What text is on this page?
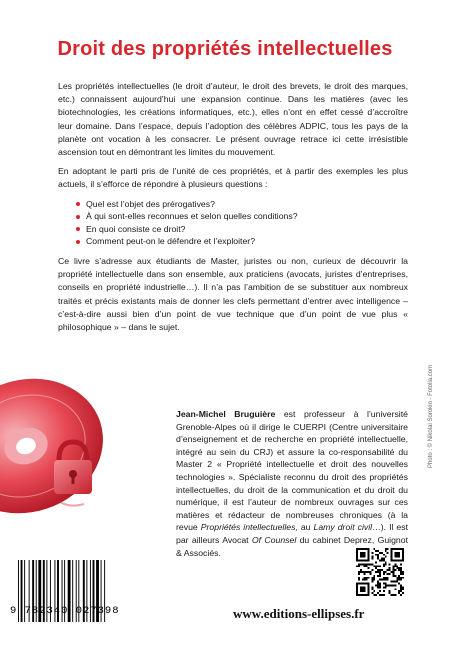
Droit des propriétés intellectuelles

Les propriétés intellectuelles (le droit d’auteur, le droit des brevets, le droit des marques, etc.) connaissent aujourd’hui une expansion continue. Dans les matières (avec les biotechnologies, les créations informatiques, etc.), elles n’ont en effet cessé d’accroître leur domaine. Dans l’espace, depuis l’adoption des célèbres ADPIC, tous les pays de la planète ont vocation à les consacrer. Le présent ouvrage retrace ici cette irrésistible ascension tout en démontrant les limites du mouvement.

En adoptant le parti pris de l’unité de ces propriétés, et à partir des exemples les plus actuels, il s’efforce de répondre à plusieurs questions :

Quel est l’objet des prérogatives?
À qui sont-elles reconnues et selon quelles conditions?
En quoi consiste ce droit?
Comment peut-on le défendre et l’exploiter?

Ce livre s’adresse aux étudiants de Master, juristes ou non, curieux de découvrir la propriété intellectuelle dans son ensemble, aux praticiens (avocats, juristes d’entreprises, conseils en propriété industrielle…). Il n’a pas l’ambition de se substituer aux nombreux traités et précis existants mais de donner les clefs permettant d’entrer avec intelligence – c’est-à-dire aussi bien d’un point de vue technique que d’un point de vue plus « philosophique » – dans le sujet.

Jean-Michel Bruguière est professeur à l’université Grenoble-Alpes où il dirige le CUERPI (Centre universitaire d’enseignement et de recherche en propriété intellectuelle, intégré au sein du CRJ) et assure la co-responsabilité du Master 2 « Propriété intellectuelle et droit des nouvelles technologies ». Spécialiste reconnu du droit des propriétés intellectuelles, du droit de la communication et du droit du numérique, il est l’auteur de nombreux ouvrages sur ces matières et rédacteur de nombreuses chroniques (à la revue Propriétés intellectuelles, au Lamy droit civil…). Il est par ailleurs Avocat Of Counsel du cabinet Deprez, Guignot & Associés.
9 782340 027398	www.editions-ellipses.fr
Photo : © Nikolai Sorokin - Fotolia.com
